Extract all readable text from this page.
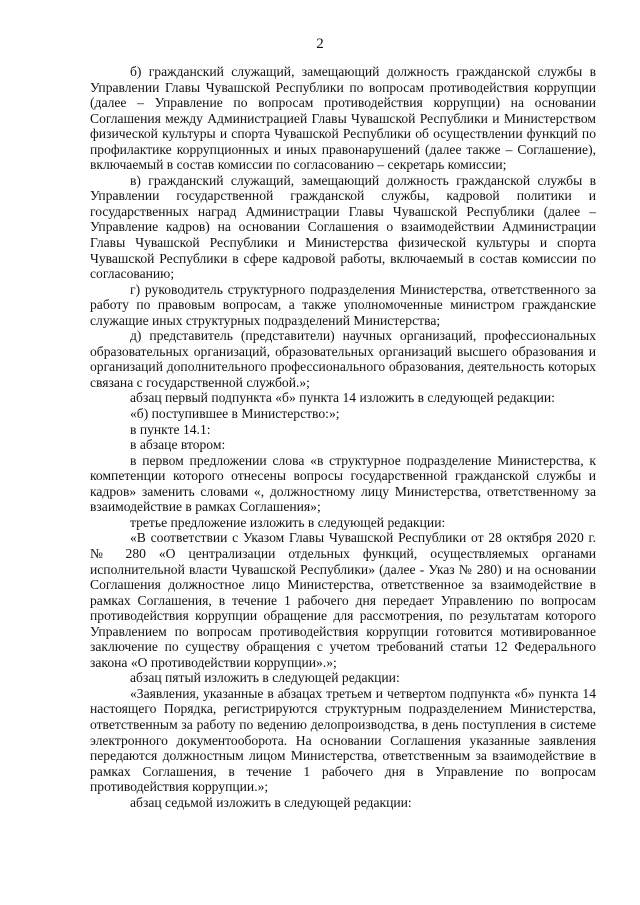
2

б) гражданский служащий, замещающий должность гражданской службы в Управлении Главы Чувашской Республики по вопросам противодействия коррупции (далее – Управление по вопросам противодействия коррупции) на основании Соглашения между Администрацией Главы Чувашской Республики и Министерством физической культуры и спорта Чувашской Республики об осуществлении функций по профилактике коррупционных и иных правонарушений (далее также – Соглашение), включаемый в состав комиссии по согласованию – секретарь комиссии;

в) гражданский служащий, замещающий должность гражданской службы в Управлении государственной гражданской службы, кадровой политики и государственных наград Администрации Главы Чувашской Республики (далее – Управление кадров) на основании Соглашения о взаимодействии Администрации Главы Чувашской Республики и Министерства физической культуры и спорта Чувашской Республики в сфере кадровой работы, включаемый в состав комиссии по согласованию;

г) руководитель структурного подразделения Министерства, ответственного за работу по правовым вопросам, а также уполномоченные министром гражданские служащие иных структурных подразделений Министерства;

д) представитель (представители) научных организаций, профессиональных образовательных организаций, образовательных организаций высшего образования и организаций дополнительного профессионального образования, деятельность которых связана с государственной службой.»;

абзац первый подпункта «б» пункта 14 изложить в следующей редакции:

«б) поступившее в Министерство:»;

в пункте 14.1:

в абзаце втором:

в первом предложении слова «в структурное подразделение Министерства, к компетенции которого отнесены вопросы государственной гражданской службы и кадров» заменить словами «, должностному лицу Министерства, ответственному за взаимодействие в рамках Соглашения»;

третье предложение изложить в следующей редакции:

«В соответствии с Указом Главы Чувашской Республики от 28 октября 2020 г. № 280 «О централизации отдельных функций, осуществляемых органами исполнительной власти Чувашской Республики» (далее - Указ № 280) и на основании Соглашения должностное лицо Министерства, ответственное за взаимодействие в рамках Соглашения, в течение 1 рабочего дня передает Управлению по вопросам противодействия коррупции обращение для рассмотрения, по результатам которого Управлением по вопросам противодействия коррупции готовится мотивированное заключение по существу обращения с учетом требований статьи 12 Федерального закона «О противодействии коррупции».»;

абзац пятый изложить в следующей редакции:

«Заявления, указанные в абзацах третьем и четвертом подпункта «б» пункта 14 настоящего Порядка, регистрируются структурным подразделением Министерства, ответственным за работу по ведению делопроизводства, в день поступления в системе электронного документооборота. На основании Соглашения указанные заявления передаются должностным лицом Министерства, ответственным за взаимодействие в рамках Соглашения, в течение 1 рабочего дня в Управление по вопросам противодействия коррупции.»;

абзац седьмой изложить в следующей редакции:
